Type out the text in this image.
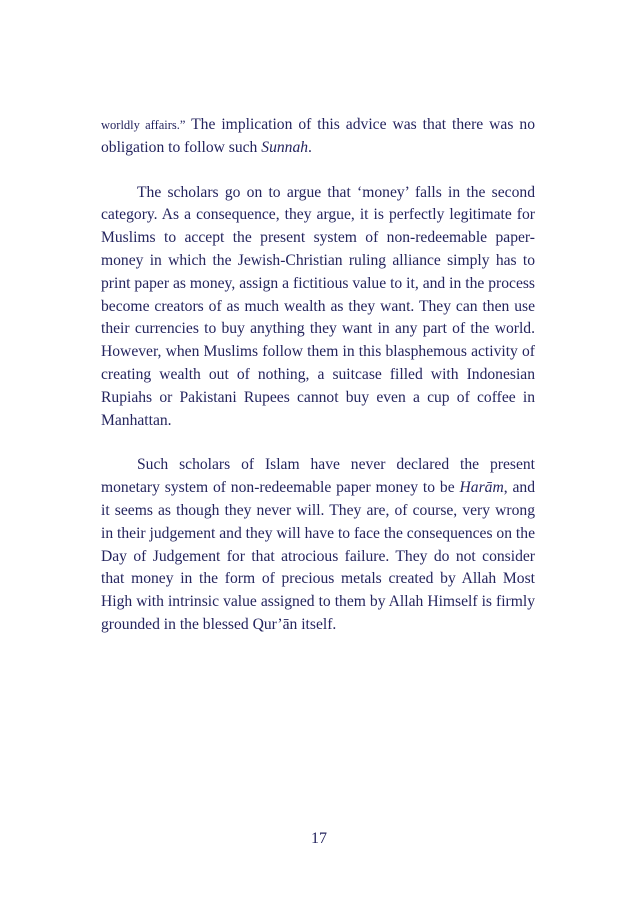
worldly affairs.” The implication of this advice was that there was no obligation to follow such Sunnah.

The scholars go on to argue that ‘money’ falls in the second category. As a consequence, they argue, it is perfectly legitimate for Muslims to accept the present system of non-redeemable paper-money in which the Jewish-Christian ruling alliance simply has to print paper as money, assign a fictitious value to it, and in the process become creators of as much wealth as they want. They can then use their currencies to buy anything they want in any part of the world. However, when Muslims follow them in this blasphemous activity of creating wealth out of nothing, a suitcase filled with Indonesian Rupiahs or Pakistani Rupees cannot buy even a cup of coffee in Manhattan.

Such scholars of Islam have never declared the present monetary system of non-redeemable paper money to be Harām, and it seems as though they never will. They are, of course, very wrong in their judgement and they will have to face the consequences on the Day of Judgement for that atrocious failure. They do not consider that money in the form of precious metals created by Allah Most High with intrinsic value assigned to them by Allah Himself is firmly grounded in the blessed Qur’ān itself.

17
